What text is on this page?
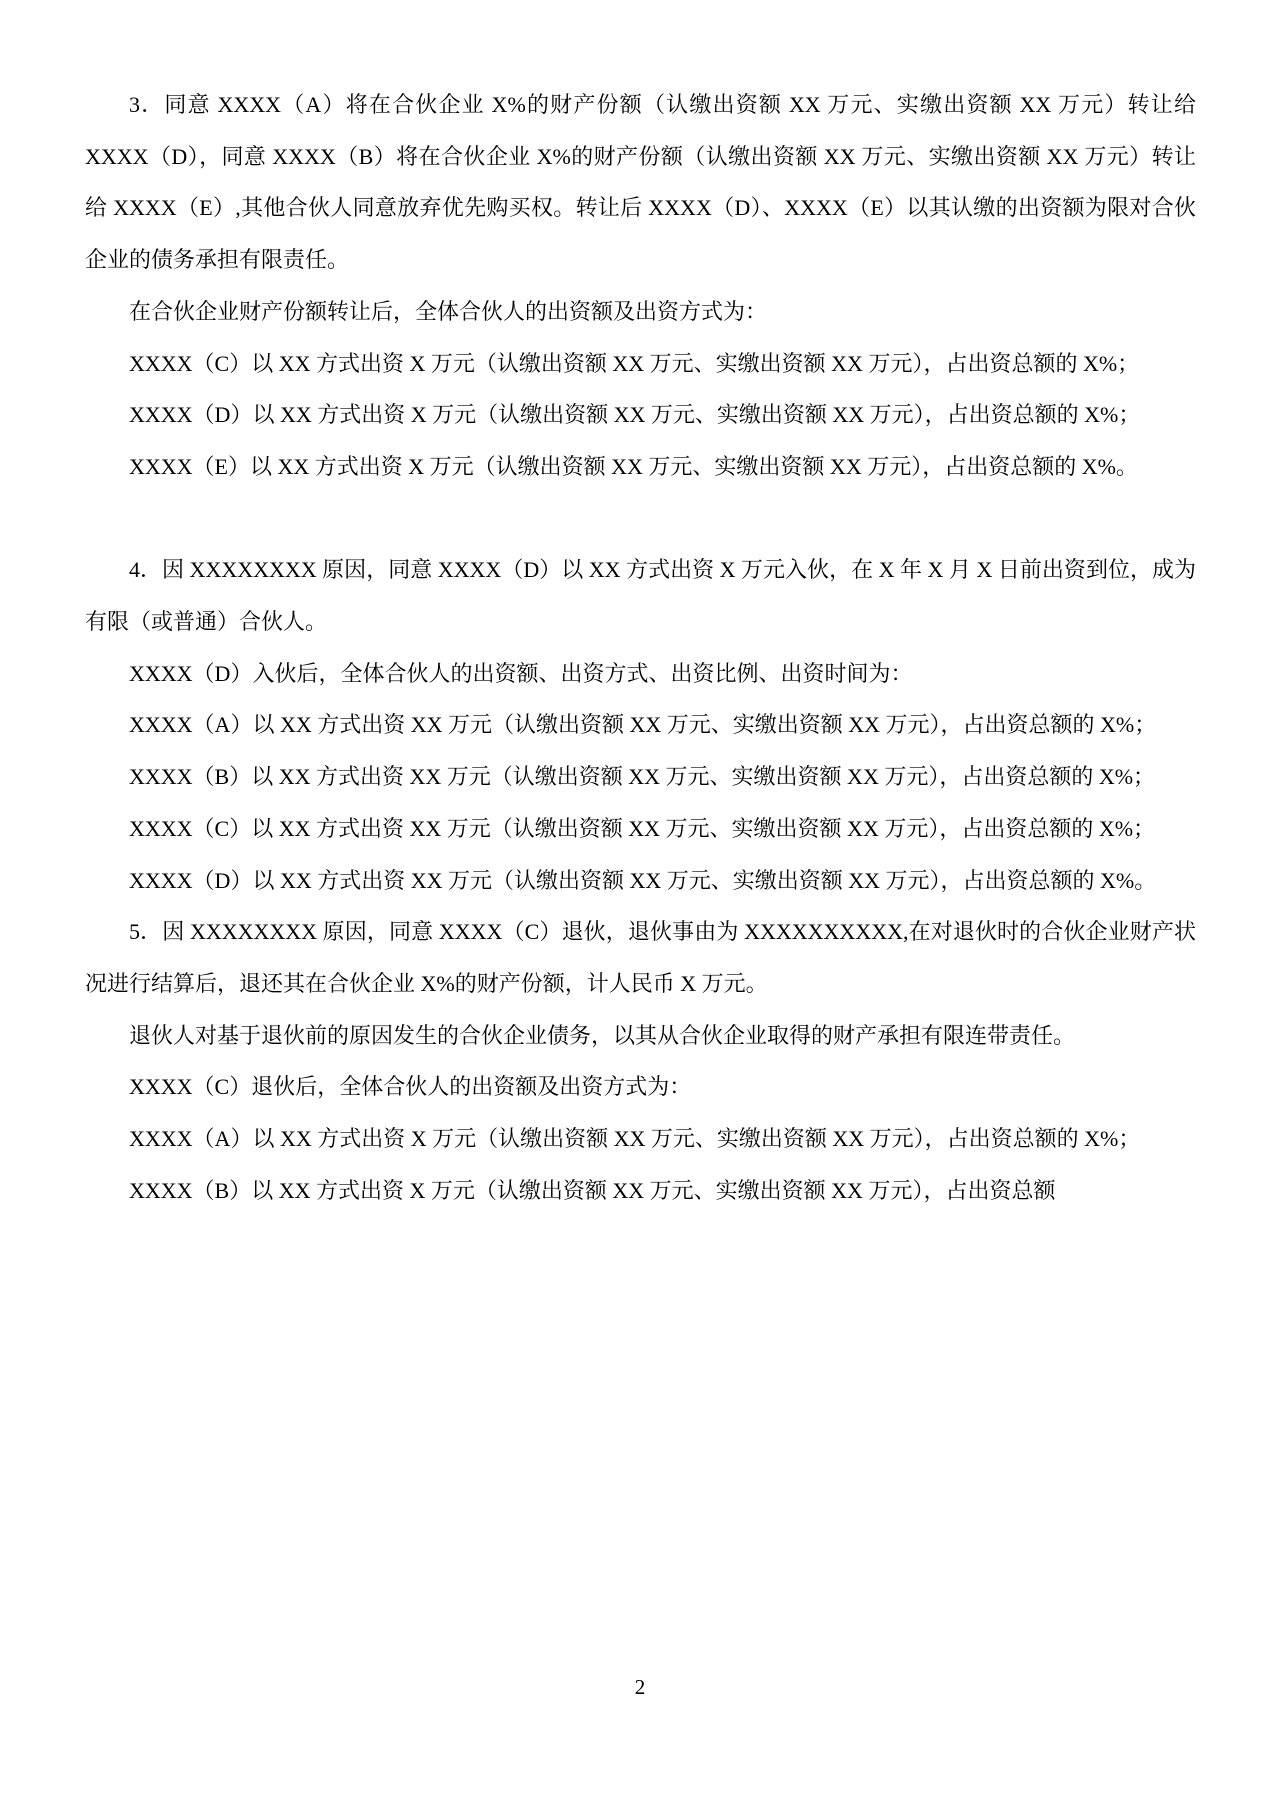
3．同意 XXXX（A）将在合伙企业 X%的财产份额（认缴出资额 XX 万元、实缴出资额 XX 万元）转让给 XXXX（D），同意 XXXX（B）将在合伙企业 X%的财产份额（认缴出资额 XX 万元、实缴出资额 XX 万元）转让给 XXXX（E）,其他合伙人同意放弃优先购买权。转让后 XXXX（D）、XXXX（E）以其认缴的出资额为限对合伙企业的债务承担有限责任。

在合伙企业财产份额转让后，全体合伙人的出资额及出资方式为：

XXXX（C）以 XX 方式出资 X 万元（认缴出资额 XX 万元、实缴出资额 XX 万元），占出资总额的 X%；

XXXX（D）以 XX 方式出资 X 万元（认缴出资额 XX 万元、实缴出资额 XX 万元），占出资总额的 X%；

XXXX（E）以 XX 方式出资 X 万元（认缴出资额 XX 万元、实缴出资额 XX 万元），占出资总额的 X%。

4．因 XXXXXXXX 原因，同意 XXXX（D）以 XX 方式出资 X 万元入伙，在 X 年 X 月 X 日前出资到位，成为有限（或普通）合伙人。

XXXX（D）入伙后，全体合伙人的出资额、出资方式、出资比例、出资时间为：

XXXX（A）以 XX 方式出资 XX 万元（认缴出资额 XX 万元、实缴出资额 XX 万元），占出资总额的 X%；

XXXX（B）以 XX 方式出资 XX 万元（认缴出资额 XX 万元、实缴出资额 XX 万元），占出资总额的 X%；

XXXX（C）以 XX 方式出资 XX 万元（认缴出资额 XX 万元、实缴出资额 XX 万元），占出资总额的 X%；

XXXX（D）以 XX 方式出资 XX 万元（认缴出资额 XX 万元、实缴出资额 XX 万元），占出资总额的 X%。

5．因 XXXXXXXX 原因，同意 XXXX（C）退伙，退伙事由为 XXXXXXXXXX,在对退伙时的合伙企业财产状况进行结算后，退还其在合伙企业 X%的财产份额，计人民币 X 万元。

退伙人对基于退伙前的原因发生的合伙企业债务，以其从合伙企业取得的财产承担有限连带责任。

XXXX（C）退伙后，全体合伙人的出资额及出资方式为：

XXXX（A）以 XX 方式出资 X 万元（认缴出资额 XX 万元、实缴出资额 XX 万元），占出资总额的 X%；

XXXX（B）以 XX 方式出资 X 万元（认缴出资额 XX 万元、实缴出资额 XX 万元），占出资总额

2
